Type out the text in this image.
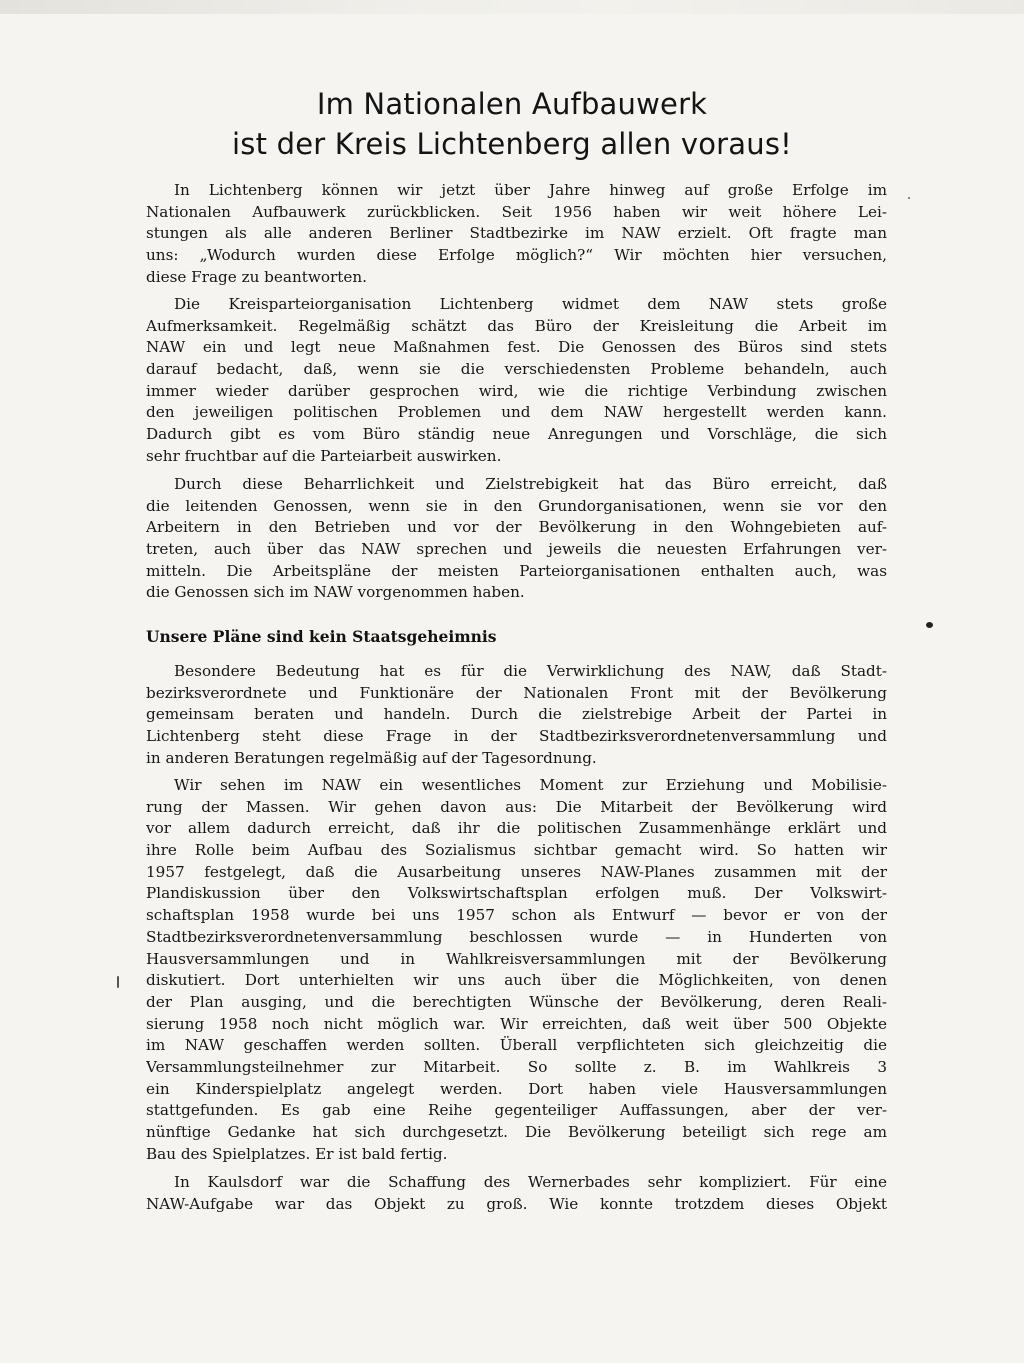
Im Nationalen Aufbauwerk
ist der Kreis Lichtenberg allen voraus!
In Lichtenberg können wir jetzt über Jahre hinweg auf große Erfolge im
Nationalen Aufbauwerk zurückblicken. Seit 1956 haben wir weit höhere Lei-
stungen als alle anderen Berliner Stadtbezirke im NAW erzielt. Oft fragte man
uns: „Wodurch wurden diese Erfolge möglich?“ Wir möchten hier versuchen,
diese Frage zu beantworten.
Die Kreisparteiorganisation Lichtenberg widmet dem NAW stets große
Aufmerksamkeit. Regelmäßig schätzt das Büro der Kreisleitung die Arbeit im
NAW ein und legt neue Maßnahmen fest. Die Genossen des Büros sind stets
darauf bedacht, daß, wenn sie die verschiedensten Probleme behandeln, auch
immer wieder darüber gesprochen wird, wie die richtige Verbindung zwischen
den jeweiligen politischen Problemen und dem NAW hergestellt werden kann.
Dadurch gibt es vom Büro ständig neue Anregungen und Vorschläge, die sich
sehr fruchtbar auf die Parteiarbeit auswirken.
Durch diese Beharrlichkeit und Zielstrebigkeit hat das Büro erreicht, daß
die leitenden Genossen, wenn sie in den Grundorganisationen, wenn sie vor den
Arbeitern in den Betrieben und vor der Bevölkerung in den Wohngebieten auf-
treten, auch über das NAW sprechen und jeweils die neuesten Erfahrungen ver-
mitteln. Die Arbeitspläne der meisten Parteiorganisationen enthalten auch, was
die Genossen sich im NAW vorgenommen haben.
Unsere Pläne sind kein Staatsgeheimnis
Besondere Bedeutung hat es für die Verwirklichung des NAW, daß Stadt-
bezirksverordnete und Funktionäre der Nationalen Front mit der Bevölkerung
gemeinsam beraten und handeln. Durch die zielstrebige Arbeit der Partei in
Lichtenberg steht diese Frage in der Stadtbezirksverordnetenversammlung und
in anderen Beratungen regelmäßig auf der Tagesordnung.
Wir sehen im NAW ein wesentliches Moment zur Erziehung und Mobilisie-
rung der Massen. Wir gehen davon aus: Die Mitarbeit der Bevölkerung wird
vor allem dadurch erreicht, daß ihr die politischen Zusammenhänge erklärt und
ihre Rolle beim Aufbau des Sozialismus sichtbar gemacht wird. So hatten wir
1957 festgelegt, daß die Ausarbeitung unseres NAW-Planes zusammen mit der
Plandiskussion über den Volkswirtschaftsplan erfolgen muß. Der Volkswirt-
schaftsplan 1958 wurde bei uns 1957 schon als Entwurf — bevor er von der
Stadtbezirksverordnetenversammlung beschlossen wurde — in Hunderten von
Hausversammlungen und in Wahlkreisversammlungen mit der Bevölkerung
diskutiert. Dort unterhielten wir uns auch über die Möglichkeiten, von denen
der Plan ausging, und die berechtigten Wünsche der Bevölkerung, deren Reali-
sierung 1958 noch nicht möglich war. Wir erreichten, daß weit über 500 Objekte
im NAW geschaffen werden sollten. Überall verpflichteten sich gleichzeitig die
Versammlungsteilnehmer zur Mitarbeit. So sollte z. B. im Wahlkreis 3
ein Kinderspielplatz angelegt werden. Dort haben viele Hausversammlungen
stattgefunden. Es gab eine Reihe gegenteiliger Auffassungen, aber der ver-
nünftige Gedanke hat sich durchgesetzt. Die Bevölkerung beteiligt sich rege am
Bau des Spielplatzes. Er ist bald fertig.
In Kaulsdorf war die Schaffung des Wernerbades sehr kompliziert. Für eine
NAW-Aufgabe war das Objekt zu groß. Wie konnte trotzdem dieses Objekt
